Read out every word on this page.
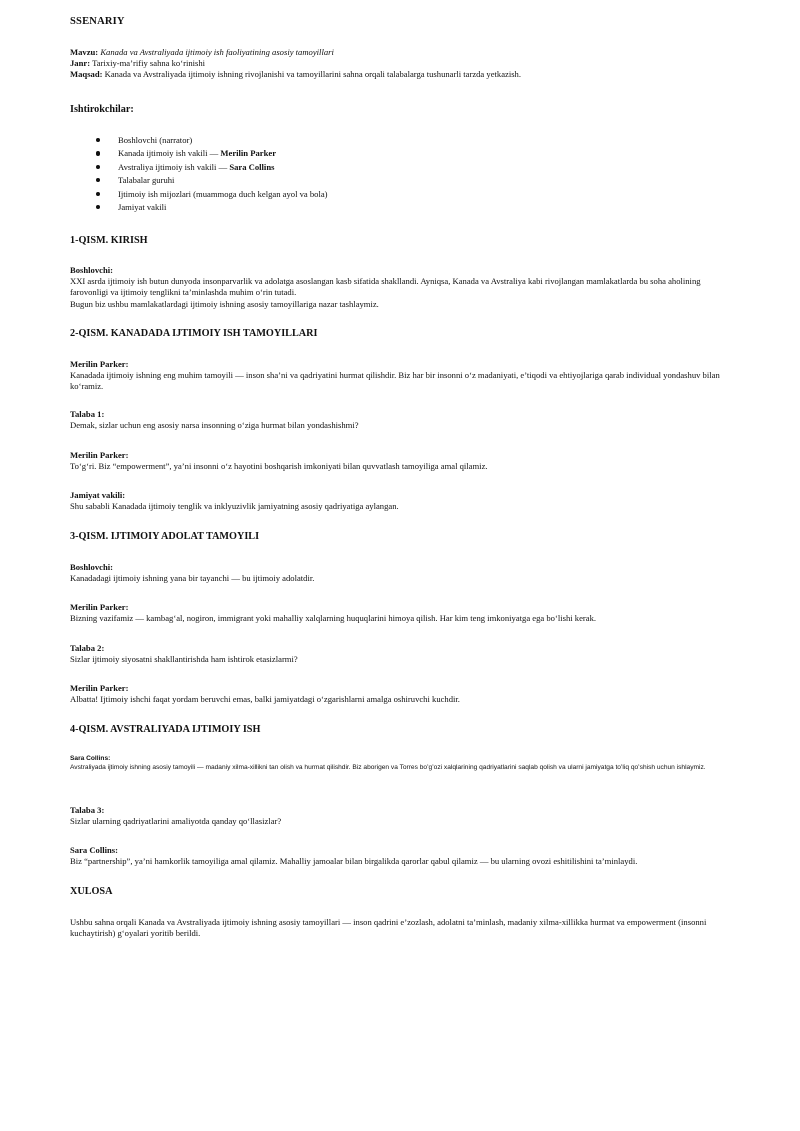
SSENARIY

Mavzu: Kanada va Avstraliyada ijtimoiy ish faoliyatining asosiy tamoyillari

Janr: Tarixiy-ma’rifiy sahna koʻrinishi

Maqsad: Kanada va Avstraliyada ijtimoiy ishning rivojlanishi va tamoyillarini sahna orqali talabalarga tushunarli tarzda yetkazish.

Ishtirokchilar:
Boshlovchi (narrator)
Kanada ijtimoiy ish vakili — Merilin Parker
Avstraliya ijtimoiy ish vakili — Sara Collins
Talabalar guruhi
Ijtimoiy ish mijozlari (muammoga duch kelgan ayol va bola)
Jamiyat vakili
1-QISM. KIRISH

Boshlovchi:

XXI asrda ijtimoiy ish butun dunyoda insonparvarlik va adolatga asoslangan kasb sifatida shakllandi. Ayniqsa, Kanada va Avstraliya kabi rivojlangan mamlakatlarda bu soha aholining farovonligi va ijtimoiy tenglikni ta’minlashda muhim oʻrin tutadi.

Bugun biz ushbu mamlakatlardagi ijtimoiy ishning asosiy tamoyillariga nazar tashlaymiz.

2-QISM. KANADADA IJTIMOIY ISH TAMOYILLARI

Merilin Parker:

Kanadada ijtimoiy ishning eng muhim tamoyili — inson sha’ni va qadriyatini hurmat qilishdir. Biz har bir insonni oʻz madaniyati, e’tiqodi va ehtiyojlariga qarab individual yondashuv bilan koʻramiz.

Talaba 1:

Demak, sizlar uchun eng asosiy narsa insonning oʻziga hurmat bilan yondashishmi?

Merilin Parker:

Toʻgʻri. Biz “empowerment”, ya’ni insonni oʻz hayotini boshqarish imkoniyati bilan quvvatlash tamoyiliga amal qilamiz.

Jamiyat vakili:

Shu sababli Kanadada ijtimoiy tenglik va inklyuzivlik jamiyatning asosiy qadriyatiga aylangan.

3-QISM. IJTIMOIY ADOLAT TAMOYILI

Boshlovchi:

Kanadadagi ijtimoiy ishning yana bir tayanchi — bu ijtimoiy adolatdir.

Merilin Parker:

Bizning vazifamiz — kambagʻal, nogiron, immigrant yoki mahalliy xalqlarning huquqlarini himoya qilish. Har kim teng imkoniyatga ega boʻlishi kerak.

Talaba 2:

Sizlar ijtimoiy siyosatni shakllantirishda ham ishtirok etasizlarmi?

Merilin Parker:

Albatta! Ijtimoiy ishchi faqat yordam beruvchi emas, balki jamiyatdagi oʻzgarishlarni amalga oshiruvchi kuchdir.

4-QISM. AVSTRALIYADA IJTIMOIY ISH

Sara Collins:

Avstraliyada ijtimoiy ishning asosiy tamoyili — madaniy xilma-xillikni tan olish va hurmat qilishdir. Biz aborigen va Torres boʻgʻozi xalqlarining qadriyatlarini saqlab qolish va ularni jamiyatga toʻliq qoʻshish uchun ishlaymiz.

Talaba 3:

Sizlar ularning qadriyatlarini amaliyotda qanday qoʻllasizlar?

Sara Collins:

Biz “partnership”, ya’ni hamkorlik tamoyiliga amal qilamiz. Mahalliy jamoalar bilan birgalikda qarorlar qabul qilamiz — bu ularning ovozi eshitilishini ta’minlaydi.

XULOSA

Ushbu sahna orqali Kanada va Avstraliyada ijtimoiy ishning asosiy tamoyillari — inson qadrini e’zozlash, adolatni ta’minlash, madaniy xilma-xillikka hurmat va empowerment (insonni kuchaytirish) gʻoyalari yoritib berildi.
